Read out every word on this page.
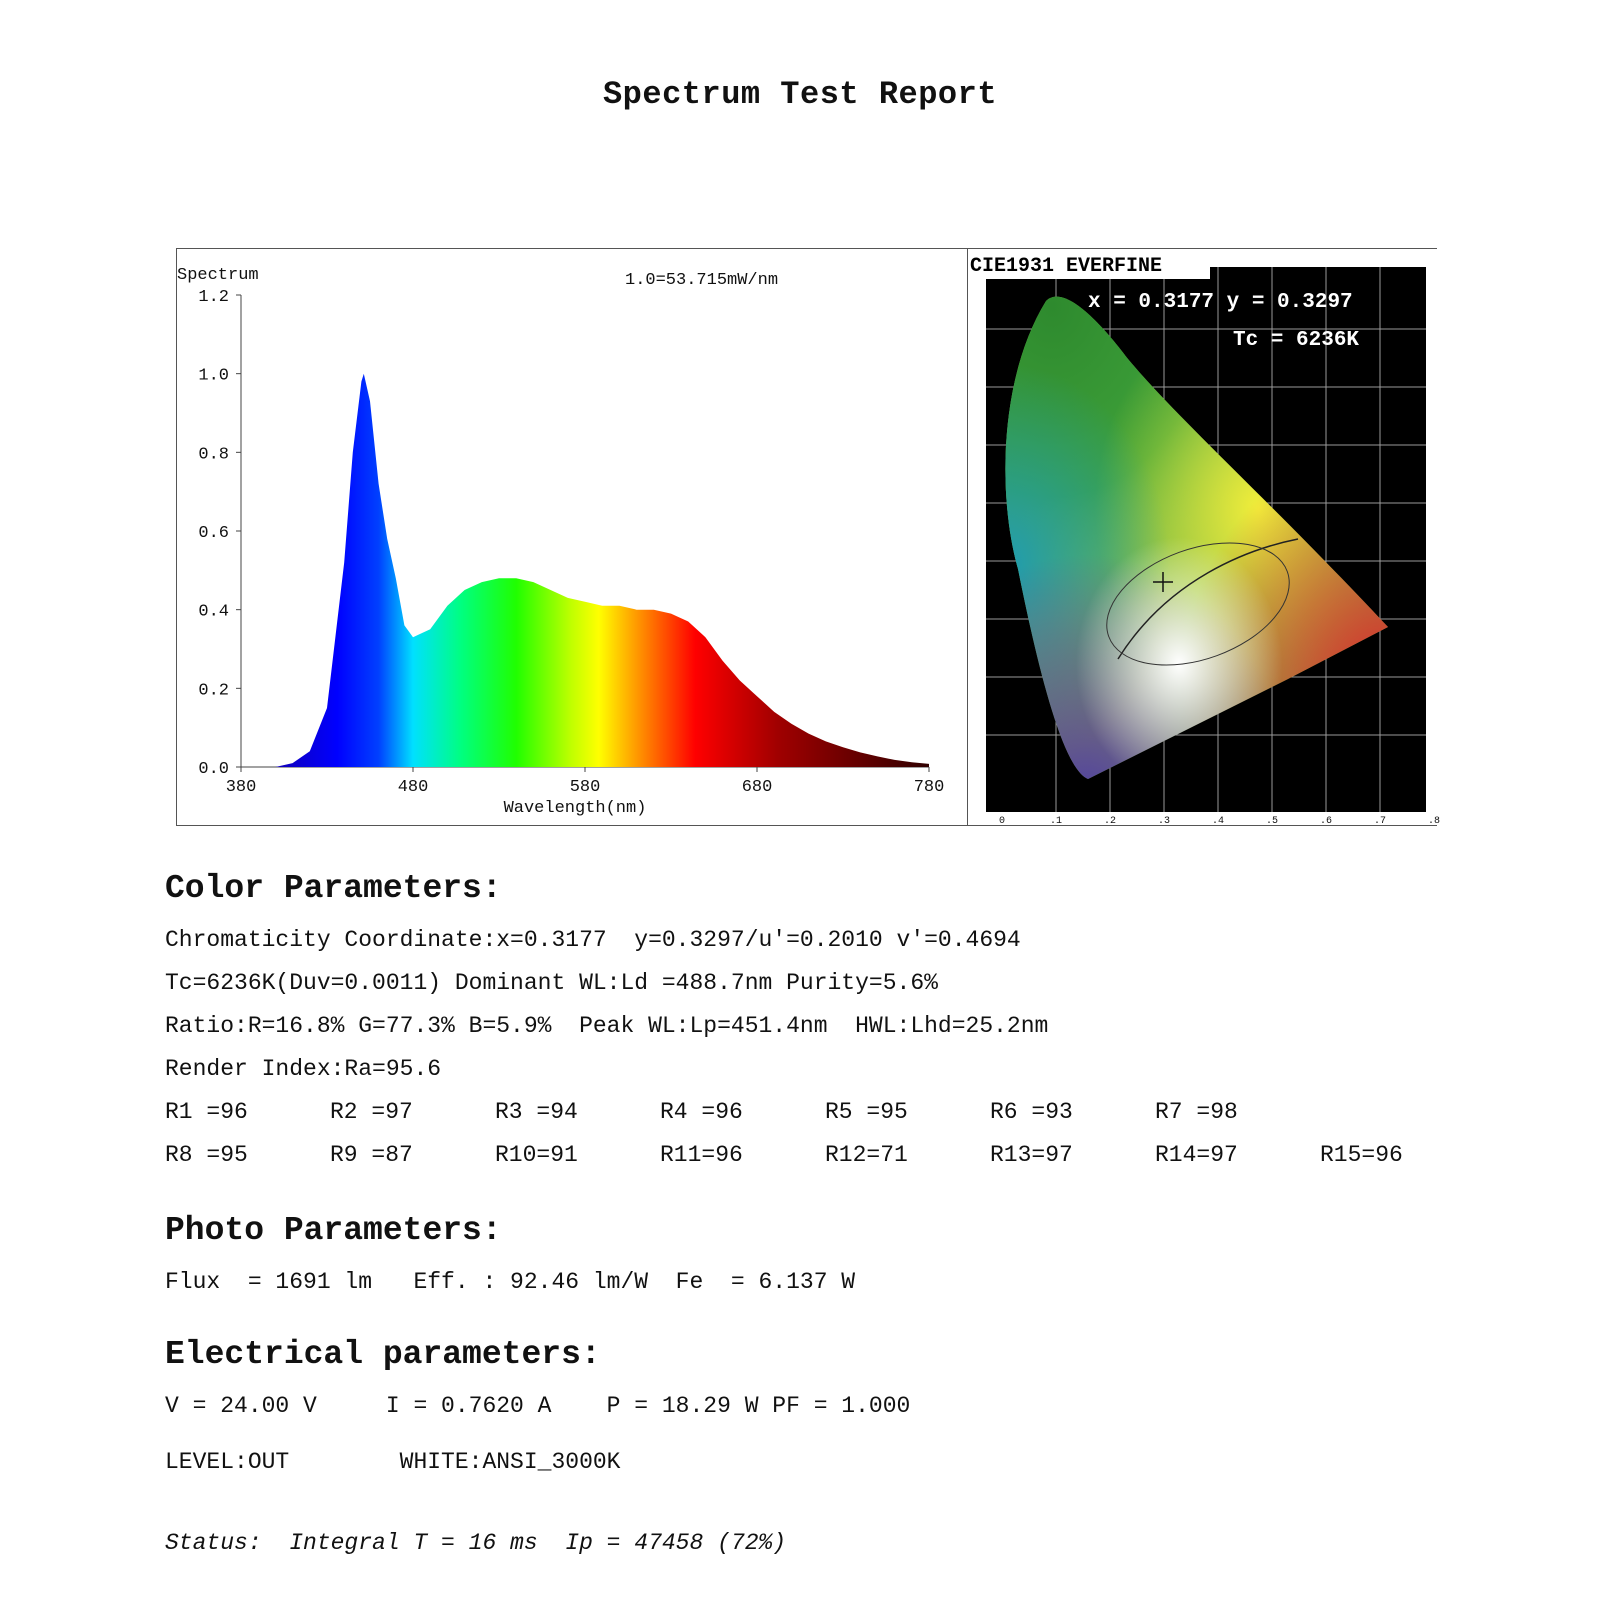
Spectrum Test Report
Spectrum	1.0=53.715mW/nm
0.0
0.2
0.4
0.6
0.8
1.0
1.2
380	480	580	680	780
Wavelength(nm)
0	.1	.2	.3	.4	.5	.6	.7	.8
CIE1931 EVERFINE
x = 0.3177 y = 0.3297
Tc = 6236K
Color Parameters:
Chromaticity Coordinate:x=0.3177  y=0.3297/u'=0.2010 v'=0.4694
Tc=6236K(Duv=0.0011) Dominant WL:Ld =488.7nm Purity=5.6%
Ratio:R=16.8% G=77.3% B=5.9%  Peak WL:Lp=451.4nm  HWL:Lhd=25.2nm
Render Index:Ra=95.6
R1 =96	R2 =97	R3 =94	R4 =96	R5 =95	R6 =93	R7 =98
R8 =95	R9 =87	R10=91	R11=96	R12=71	R13=97	R14=97	R15=96
Photo Parameters:
Flux  = 1691 lm   Eff. : 92.46 lm/W  Fe  = 6.137 W
Electrical parameters:
V = 24.00 V     I = 0.7620 A    P = 18.29 W PF = 1.000
LEVEL:OUT        WHITE:ANSI_3000K
Status:  Integral T = 16 ms  Ip = 47458 (72%)
